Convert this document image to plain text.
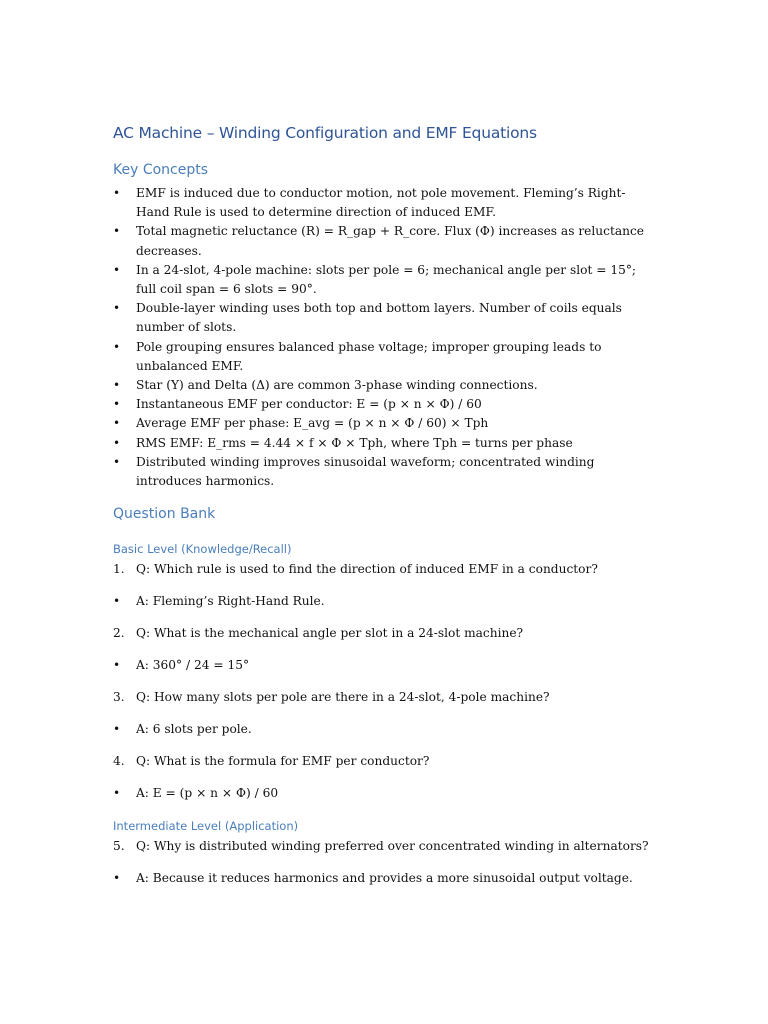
AC Machine – Winding Configuration and EMF Equations
Key Concepts
• EMF is induced due to conductor motion, not pole movement. Fleming’s Right-Hand Rule is used to determine direction of induced EMF.
• Total magnetic reluctance (R) = R_gap + R_core. Flux (Φ) increases as reluctance decreases.
• In a 24-slot, 4-pole machine: slots per pole = 6; mechanical angle per slot = 15°; full coil span = 6 slots = 90°.
• Double-layer winding uses both top and bottom layers. Number of coils equals number of slots.
• Pole grouping ensures balanced phase voltage; improper grouping leads to unbalanced EMF.
• Star (Y) and Delta (Δ) are common 3-phase winding connections.
• Instantaneous EMF per conductor: E = (p × n × Φ) / 60
• Average EMF per phase: E_avg = (p × n × Φ / 60) × Tph
• RMS EMF: E_rms = 4.44 × f × Φ × Tph, where Tph = turns per phase
• Distributed winding improves sinusoidal waveform; concentrated winding introduces harmonics.
Question Bank
Basic Level (Knowledge/Recall)
1. Q: Which rule is used to find the direction of induced EMF in a conductor?
• A: Fleming’s Right-Hand Rule.
2. Q: What is the mechanical angle per slot in a 24-slot machine?
• A: 360° / 24 = 15°
3. Q: How many slots per pole are there in a 24-slot, 4-pole machine?
• A: 6 slots per pole.
4. Q: What is the formula for EMF per conductor?
• A: E = (p × n × Φ) / 60
Intermediate Level (Application)
5. Q: Why is distributed winding preferred over concentrated winding in alternators?
• A: Because it reduces harmonics and provides a more sinusoidal output voltage.
